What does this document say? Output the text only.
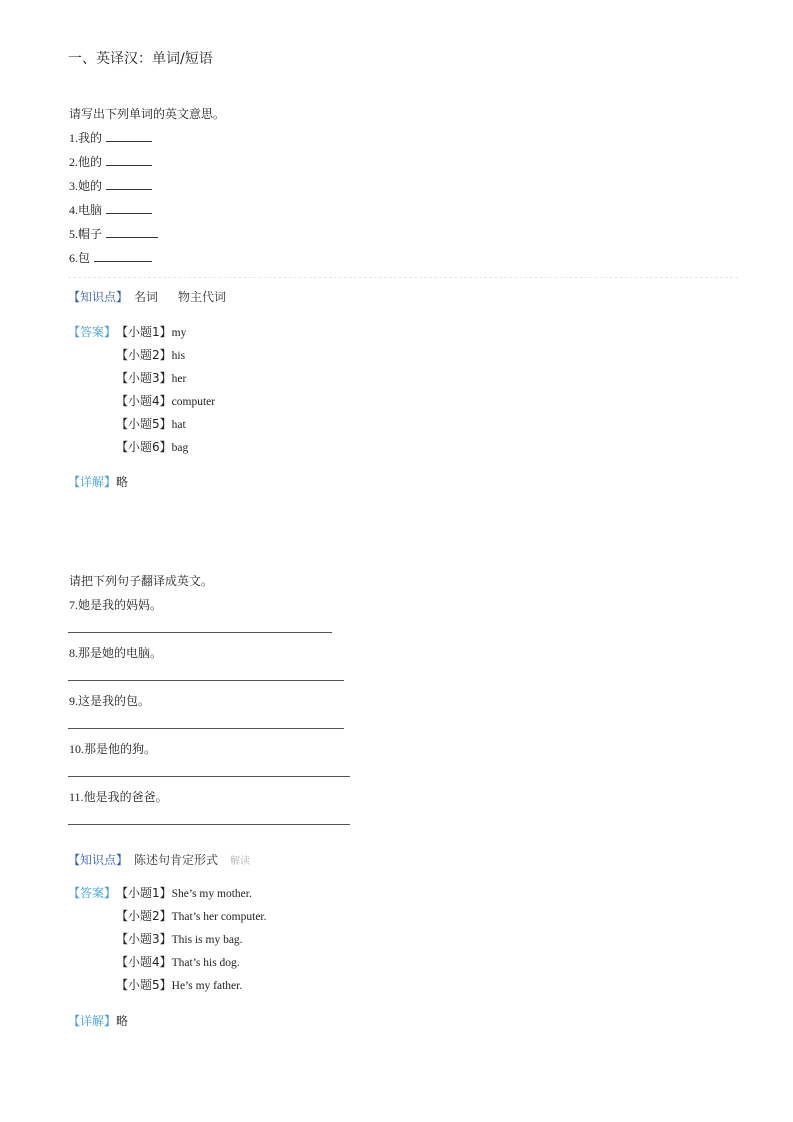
一、英译汉：单词/短语
请写出下列单词的英文意思。
1.我的
2.他的
3.她的
4.电脑
5.帽子
6.包
【知识点】 名词 物主代词
【答案】 【小题1】my
【小题2】his
【小题3】her
【小题4】computer
【小题5】hat
【小题6】bag
【详解】略
请把下列句子翻译成英文。
7.她是我的妈妈。
8.那是她的电脑。
9.这是我的包。
10.那是他的狗。
11.他是我的爸爸。
【知识点】 陈述句肯定形式 解读
【答案】 【小题1】She’s my mother.
【小题2】That’s her computer.
【小题3】This is my bag.
【小题4】That’s his dog.
【小题5】He’s my father.
【详解】略
